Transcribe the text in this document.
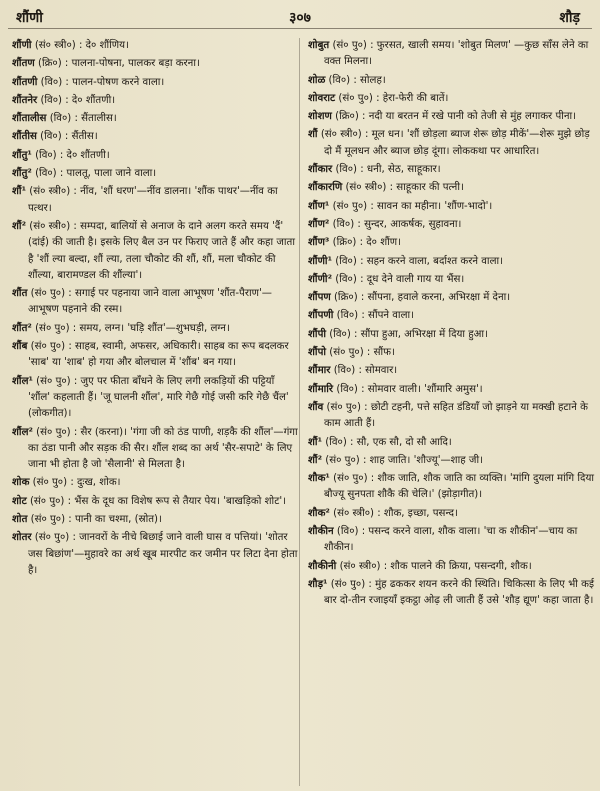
शौंणी	३०७	शौड़
शौंणी (सं० स्त्री०) : दे० शौंणिय।
शौंतण (क्रि०) : पालना-पोषना, पालकर बड़ा करना।
शौंतणी (वि०) : पालन-पोषण करने वाला।
शौंतनेर (वि०) : दे० शौंतणी।
शौंतालीस (वि०) : सैंतालीस।
शौंतीस (वि०) : सैंतीस।
शौंतु¹ (वि०) : दे० शौंतणी।
शौंतु² (वि०) : पालतू, पाला जाने वाला।
शौं¹ (सं० स्त्री०) : नींव, 'शौं धरण'—नींव डालना। 'शौंक पाथर'—नींव का पत्थर।
शौं² (सं० स्त्री०) : सम्पदा, बालियों से अनाज के दाने अलग करते समय 'दैं' (दांई) की जाती है। इसके लिए बैल उन पर फिराए जाते हैं और कहा जाता है 'शौं ल्या बल्दा, शौं ल्या, तला चौकोट की शौं, शौं, मला चौकोट की शौंल्या, बारामण्डल की शौंल्या'।
शौंत (सं० पु०) : सगाई पर पहनाया जाने वाला आभूषण 'शौंत-पैराण'—आभूषण पहनाने की रस्म।
शौंत² (सं० पु०) : समय, लग्न। 'घड़ि शौंत'—शुभघड़ी, लग्न।
शौंब (सं० पु०) : साहब, स्वामी, अफसर, अधिकारी। साहब का रूप बदलकर 'साब' या 'शाब' हो गया और बोलचाल में 'शौंब' बन गया।
शौंल¹ (सं० पु०) : जुए पर फीता बाँधने के लिए लगी लकड़ियों की पट्टियाँ 'शौंल' कहलाती हैं। 'जू घालनी शौंल', मारि गेछै गोई जसी करि गेछै चैंल' (लोकगीत)।
शौंल² (सं० पु०) : सैर (करना)। 'गंगा जी को ठंड पाणी, शड़कै की शौंल'—गंगा का ठंडा पानी और सड़क की सैर। शौंल शब्द का अर्थ 'सैर-सपाटे' के लिए जाना भी होता है जो 'सैलानी' से मिलता है।
शोक (सं० पु०) : दुःख, शोक।
शोट (सं० पु०) : भैंस के दूध का विशेष रूप से तैयार पेय। 'बाखड़िको शोट'।
शोत (सं० पु०) : पानी का चश्मा, (स्रोत)।
शोतर (सं० पु०) : जानवरों के नीचे बिछाई जाने वाली घास व पत्तियां। 'शोतर जस बिछांण'—मुहावरे का अर्थ खूब मारपीट कर जमीन पर लिटा देना होता है।
शोबुत (सं० पु०) : फुरसत, खाली समय। 'शोबुत मिलण' —कुछ साँस लेने का वक्त मिलना।
शोळ (वि०) : सोलह।
शोवराट (सं० पु०) : हेरा-फेरी की बातें।
शोशण (क्रि०) : नदी या बरतन में रखे पानी को तेजी से मुंह लगाकर पीना।
शौं (सं० स्त्री०) : मूल धन। 'शौं छोड़ला ब्याज शेरू छोड़ मीकें'—शेरू मुझे छोड़ दो मैं मूलधन और ब्याज छोड़ दूंगा। लोककथा पर आधारित।
शौंकार (वि०) : धनी, सेठ, साहूकार।
शौंकारणि (सं० स्त्री०) : साहूकार की पत्नी।
शौंण¹ (सं० पु०) : सावन का महीना। 'शौंण-भादो'।
शौंण² (वि०) : सुन्दर, आकर्षक, सुहावना।
शौंण³ (क्रि०) : दे० शौंण।
शौंणी¹ (वि०) : सहन करने वाला, बर्दाश्त करने वाला।
शौंणी² (वि०) : दूध देने वाली गाय या भैंस।
शौंपण (क्रि०) : सौंपना, हवाले करना, अभिरक्षा में देना।
शौंपणी (वि०) : सौंपने वाला।
शौंपी (वि०) : सौंपा हुआ, अभिरक्षा में दिया हुआ।
शौंपो (सं० पु०) : सौंफ।
शौंमार (वि०) : सोमवार।
शौंमारि (वि०) : सोमवार वाली। 'शौंमारि अमुस'।
शौंव (सं० पु०) : छोटी टहनी, पत्ते सहित डंडियाँ जो झाड़ने या मक्खी हटाने के काम आती हैं।
शौं¹ (वि०) : सौ, एक सौ, दो सौ आदि।
शौं² (सं० पु०) : शाह जाति। 'शौज्यू'—शाह जी।
शौक¹ (सं० पु०) : शौक जाति, शौक जाति का व्यक्ति। 'मांगि दुयला मांगि दिया बौज्यू सुनपता शौकै की चेलि।' (झोड़ागीत)।
शौक² (सं० स्त्री०) : शौक, इच्छा, पसन्द।
शौकीन (वि०) : पसन्द करने वाला, शौक वाला। 'चा क शौकीन'—चाय का शौकीन।
शौकीनी (सं० स्त्री०) : शौक पालने की क्रिया, पसन्दगी, शौक।
शौड़¹ (सं० पु०) : मुंह ढककर शयन करने की स्थिति। चिकित्सा के लिए भी कई बार दो-तीन रजाइयाँ इकट्ठा ओढ़ ली जाती हैं उसे 'शौड़ द्यूण' कहा जाता है।
